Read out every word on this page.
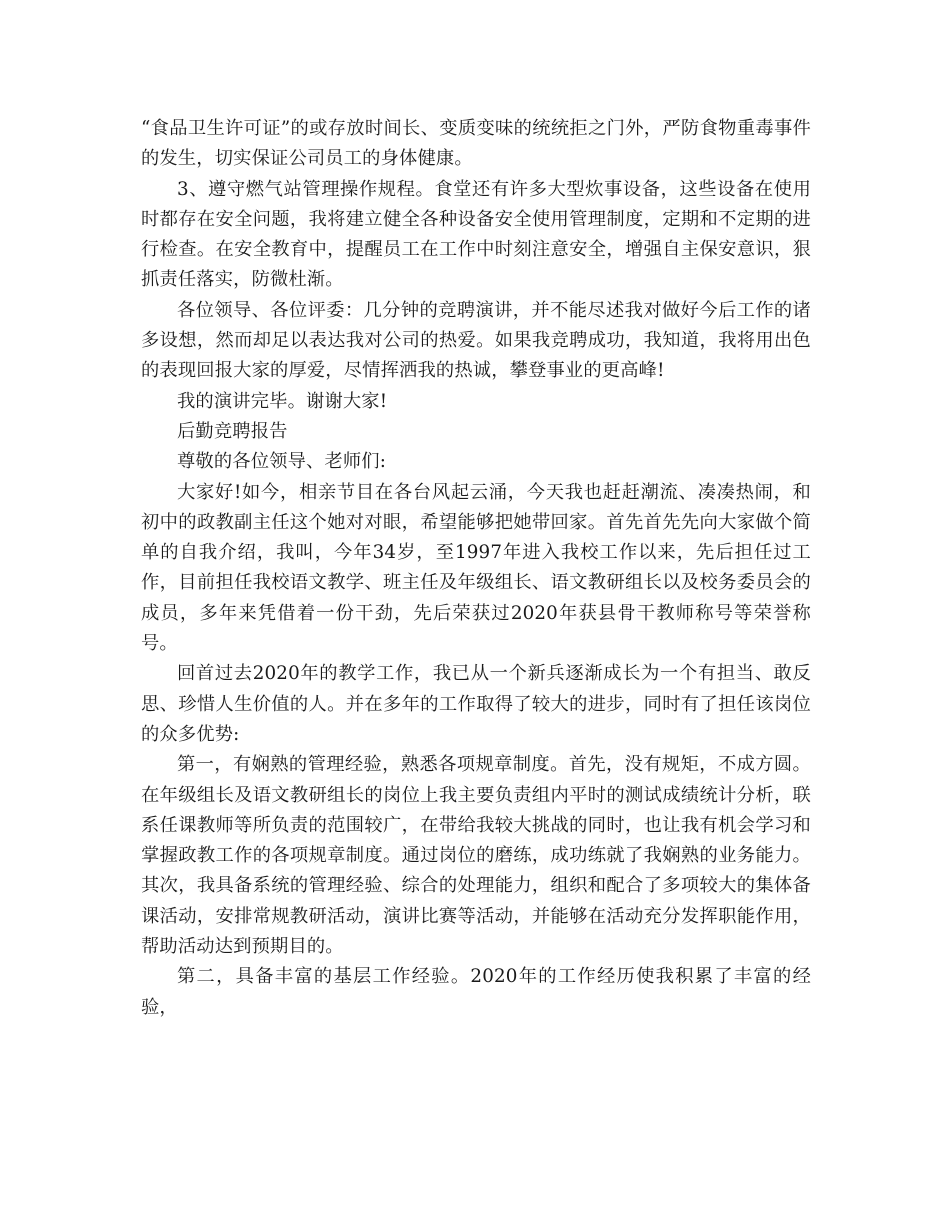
“食品卫生许可证”的或存放时间长、变质变味的统统拒之门外，严防食物重毒事件的发生，切实保证公司员工的身体健康。

3、遵守燃气站管理操作规程。食堂还有许多大型炊事设备，这些设备在使用时都存在安全问题，我将建立健全各种设备安全使用管理制度，定期和不定期的进行检查。在安全教育中，提醒员工在工作中时刻注意安全，增强自主保安意识，狠抓责任落实，防微杜渐。

各位领导、各位评委：几分钟的竞聘演讲，并不能尽述我对做好今后工作的诸多设想，然而却足以表达我对公司的热爱。如果我竞聘成功，我知道，我将用出色的表现回报大家的厚爱，尽情挥洒我的热诚，攀登事业的更高峰!

我的演讲完毕。谢谢大家!

后勤竞聘报告

尊敬的各位领导、老师们:

大家好!如今，相亲节目在各台风起云涌，今天我也赶赶潮流、凑凑热闹，和初中的政教副主任这个她对对眼，希望能够把她带回家。首先首先先向大家做个简单的自我介绍，我叫，今年34岁，至1997年进入我校工作以来，先后担任过工作，目前担任我校语文教学、班主任及年级组长、语文教研组长以及校务委员会的成员，多年来凭借着一份干劲，先后荣获过2020年获县骨干教师称号等荣誉称号。

回首过去2020年的教学工作，我已从一个新兵逐渐成长为一个有担当、敢反思、珍惜人生价值的人。并在多年的工作取得了较大的进步，同时有了担任该岗位的众多优势:

第一，有娴熟的管理经验，熟悉各项规章制度。首先，没有规矩，不成方圆。在年级组长及语文教研组长的岗位上我主要负责组内平时的测试成绩统计分析，联系任课教师等所负责的范围较广，在带给我较大挑战的同时，也让我有机会学习和掌握政教工作的各项规章制度。通过岗位的磨练，成功练就了我娴熟的业务能力。其次，我具备系统的管理经验、综合的处理能力，组织和配合了多项较大的集体备课活动，安排常规教研活动，演讲比赛等活动，并能够在活动充分发挥职能作用，帮助活动达到预期目的。

第二，具备丰富的基层工作经验。2020年的工作经历使我积累了丰富的经验，
